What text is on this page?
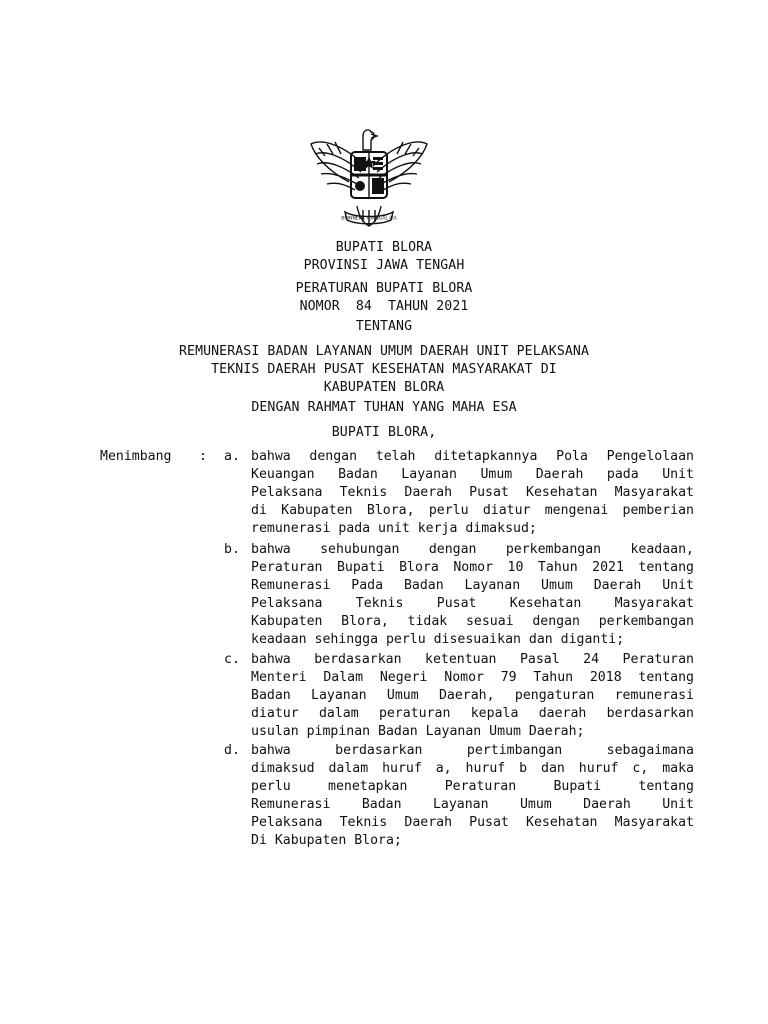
BHINNEKA TUNGGAL IKA
BUPATI BLORA
PROVINSI JAWA TENGAH
PERATURAN BUPATI BLORA
NOMOR  84  TAHUN 2021
TENTANG
REMUNERASI BADAN LAYANAN UMUM DAERAH UNIT PELAKSANA
TEKNIS DAERAH PUSAT KESEHATAN MASYARAKAT DI
KABUPATEN BLORA
DENGAN RAHMAT TUHAN YANG MAHA ESA
BUPATI BLORA,
Menimbang	: a. bahwa dengan telah ditetapkannya Pola Pengelolaan
Keuangan Badan Layanan Umum Daerah pada Unit
Pelaksana Teknis Daerah Pusat Kesehatan Masyarakat
di Kabupaten Blora, perlu diatur mengenai pemberian
remunerasi pada unit kerja dimaksud;
b. bahwa sehubungan dengan perkembangan keadaan,
Peraturan Bupati Blora Nomor 10 Tahun 2021 tentang
Remunerasi Pada Badan Layanan Umum Daerah Unit
Pelaksana Teknis Pusat Kesehatan Masyarakat
Kabupaten Blora, tidak sesuai dengan perkembangan
keadaan sehingga perlu disesuaikan dan diganti;
c. bahwa berdasarkan ketentuan Pasal 24 Peraturan
Menteri Dalam Negeri Nomor 79 Tahun 2018 tentang
Badan Layanan Umum Daerah, pengaturan remunerasi
diatur dalam peraturan kepala daerah berdasarkan
usulan pimpinan Badan Layanan Umum Daerah;
d. bahwa berdasarkan pertimbangan sebagaimana
dimaksud dalam huruf a, huruf b dan huruf c, maka
perlu menetapkan Peraturan Bupati tentang
Remunerasi Badan Layanan Umum Daerah Unit
Pelaksana Teknis Daerah Pusat Kesehatan Masyarakat
Di Kabupaten Blora;
